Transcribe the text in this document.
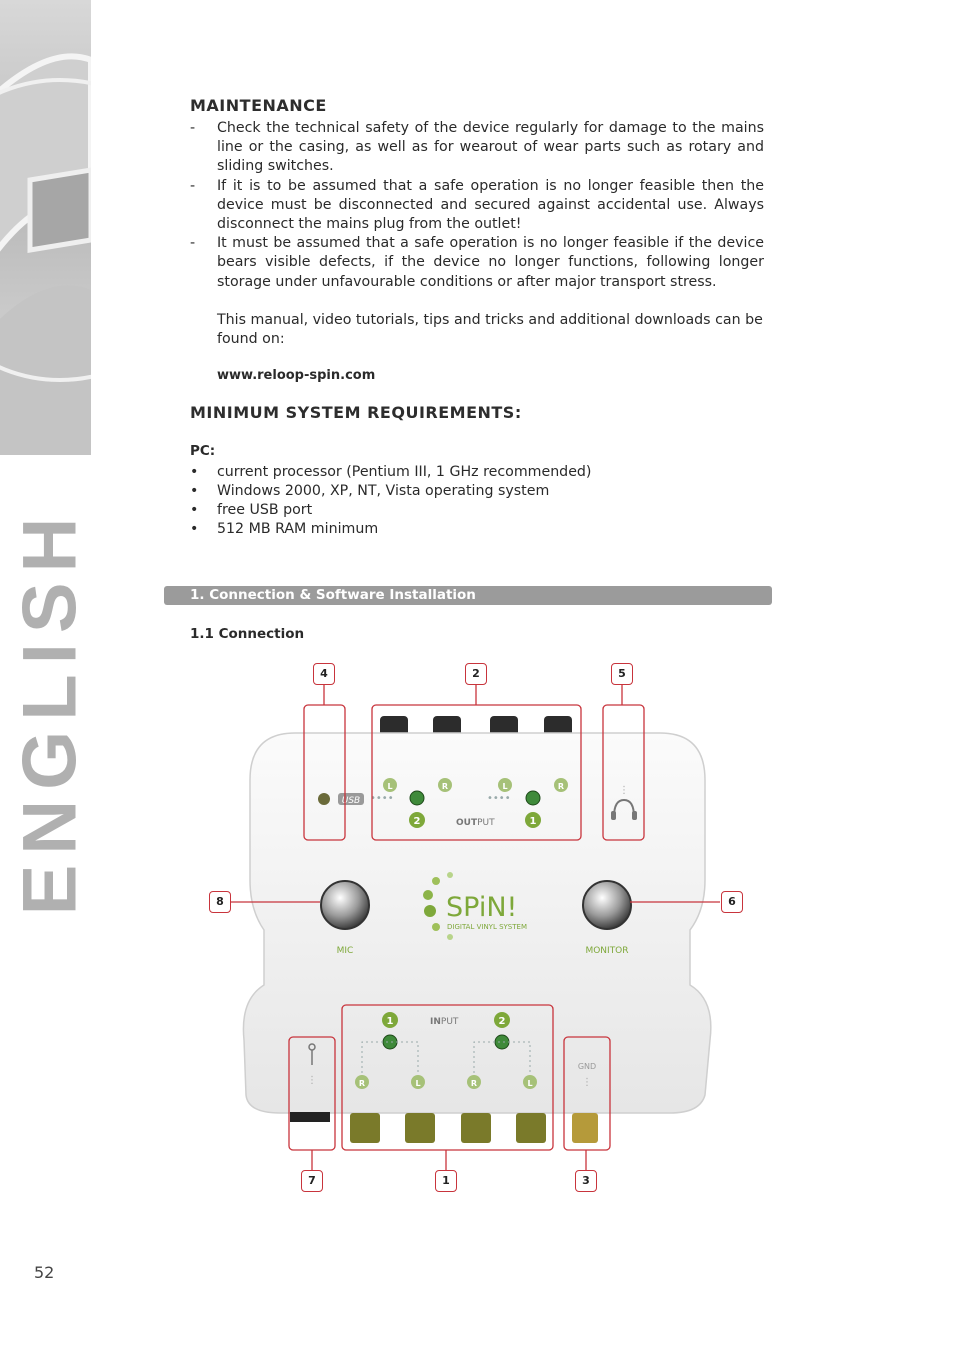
ENGLISH
MAINTENANCE
- Check the technical safety of the device regularly for damage to the mains line or the casing, as well as for wearout of wear parts such as rotary and sliding switches.
- If it is to be assumed that a safe operation is no longer feasible then the device must be disconnected and secured against accidental use. Always disconnect the mains plug from the outlet!
- It must be assumed that a safe operation is no longer feasible if the device bears visible defects, if the device no longer functions, following longer storage under unfavourable conditions or after major transport stress.
This manual, video tutorials, tips and tricks and additional downloads can be found on:
www.reloop-spin.com
MINIMUM SYSTEM REQUIREMENTS:
PC:
• current processor (Pentium III, 1 GHz recommended)
• Windows 2000, XP, NT, Vista operating system
• free USB port
• 512 MB RAM minimum
1. Connection & Software Installation
1.1 Connection
USB
L	R	L	R
••••	••••
2	OUTPUT	1
⋮
MIC	MONITOR
SPiN!
DIGITAL VINYL SYSTEM
1	INPUT	2
R	L	R	L
⋮
GND
⋮
4	2	5
8	6
7	1	3
52
